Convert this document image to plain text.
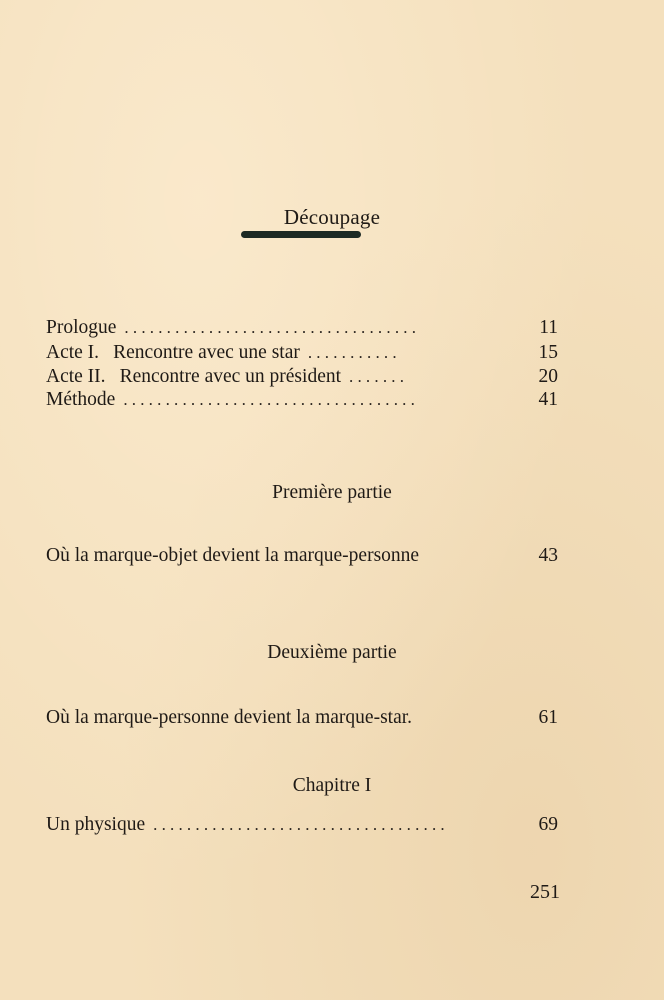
Découpage
Prologue ...................................	11
Acte I. Rencontre avec une star ...........	15
Acte II. Rencontre avec un président .......	20
Méthode ...................................	41
Première partie
Où la marque-objet devient la marque-personne	43
Deuxième partie
Où la marque-personne devient la marque-star.	61
Chapitre I
Un physique ...................................	69
251
